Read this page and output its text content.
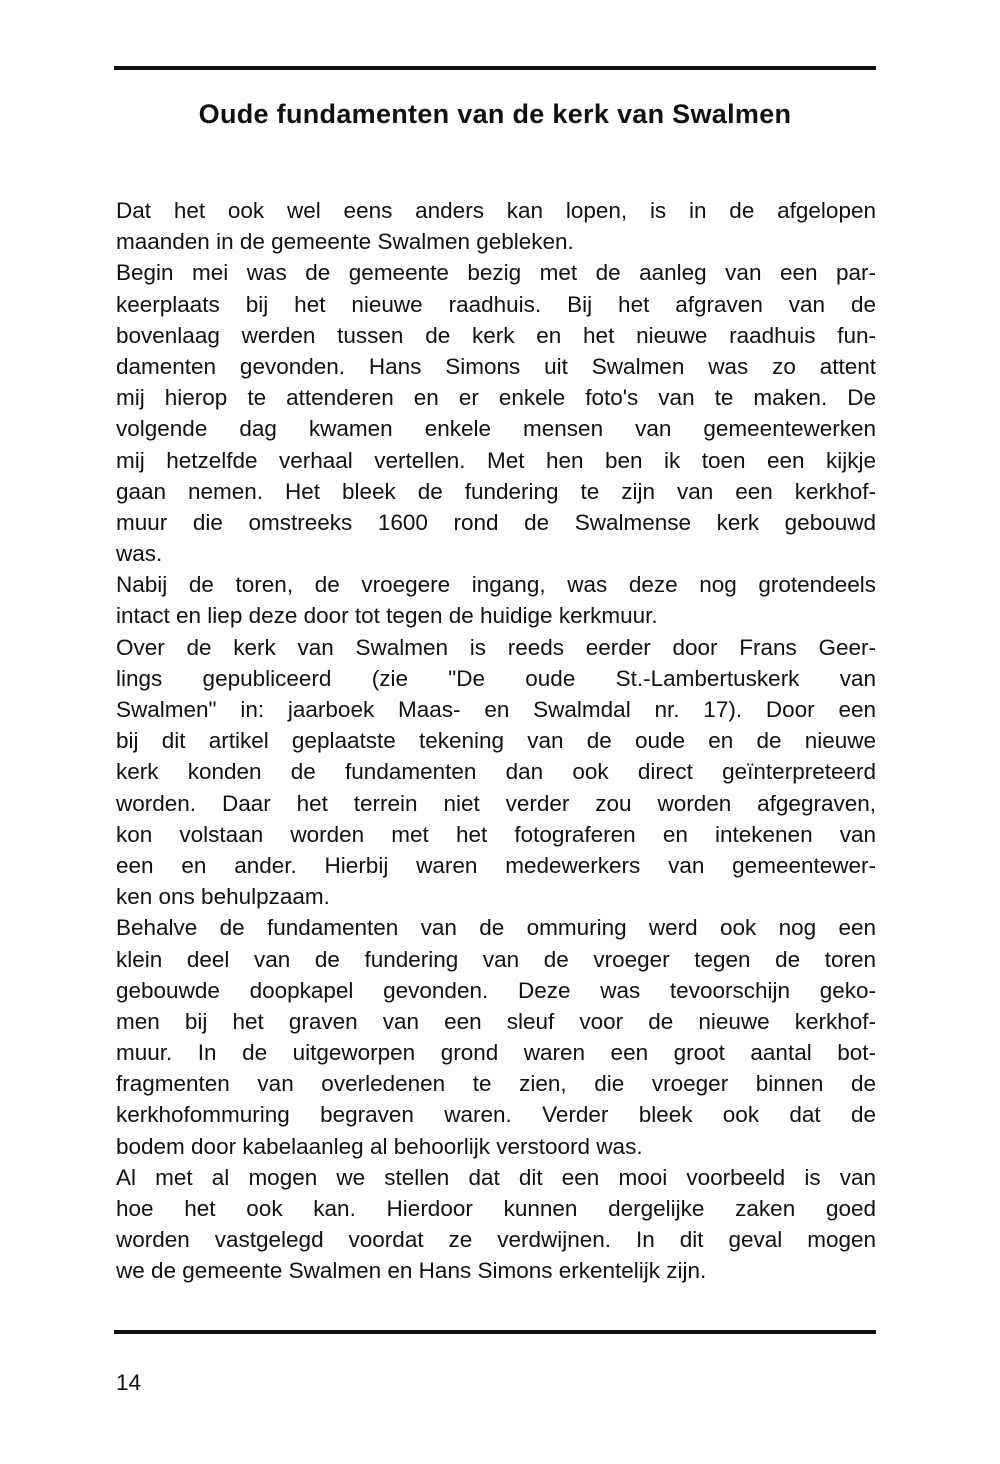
Oude fundamenten van de kerk van Swalmen
Dat het ook wel eens anders kan lopen, is in de afgelopen
maanden in de gemeente Swalmen gebleken.
Begin mei was de gemeente bezig met de aanleg van een par-
keerplaats bij het nieuwe raadhuis. Bij het afgraven van de
bovenlaag werden tussen de kerk en het nieuwe raadhuis fun-
damenten gevonden. Hans Simons uit Swalmen was zo attent
mij hierop te attenderen en er enkele foto's van te maken. De
volgende dag kwamen enkele mensen van gemeentewerken
mij hetzelfde verhaal vertellen. Met hen ben ik toen een kijkje
gaan nemen. Het bleek de fundering te zijn van een kerkhof-
muur die omstreeks 1600 rond de Swalmense kerk gebouwd
was.
Nabij de toren, de vroegere ingang, was deze nog grotendeels
intact en liep deze door tot tegen de huidige kerkmuur.
Over de kerk van Swalmen is reeds eerder door Frans Geer-
lings gepubliceerd (zie "De oude St.-Lambertuskerk van
Swalmen" in: jaarboek Maas- en Swalmdal nr. 17). Door een
bij dit artikel geplaatste tekening van de oude en de nieuwe
kerk konden de fundamenten dan ook direct geïnterpreteerd
worden. Daar het terrein niet verder zou worden afgegraven,
kon volstaan worden met het fotograferen en intekenen van
een en ander. Hierbij waren medewerkers van gemeentewer-
ken ons behulpzaam.
Behalve de fundamenten van de ommuring werd ook nog een
klein deel van de fundering van de vroeger tegen de toren
gebouwde doopkapel gevonden. Deze was tevoorschijn geko-
men bij het graven van een sleuf voor de nieuwe kerkhof-
muur. In de uitgeworpen grond waren een groot aantal bot-
fragmenten van overledenen te zien, die vroeger binnen de
kerkhofommuring begraven waren. Verder bleek ook dat de
bodem door kabelaanleg al behoorlijk verstoord was.
Al met al mogen we stellen dat dit een mooi voorbeeld is van
hoe het ook kan. Hierdoor kunnen dergelijke zaken goed
worden vastgelegd voordat ze verdwijnen. In dit geval mogen
we de gemeente Swalmen en Hans Simons erkentelijk zijn.
14
